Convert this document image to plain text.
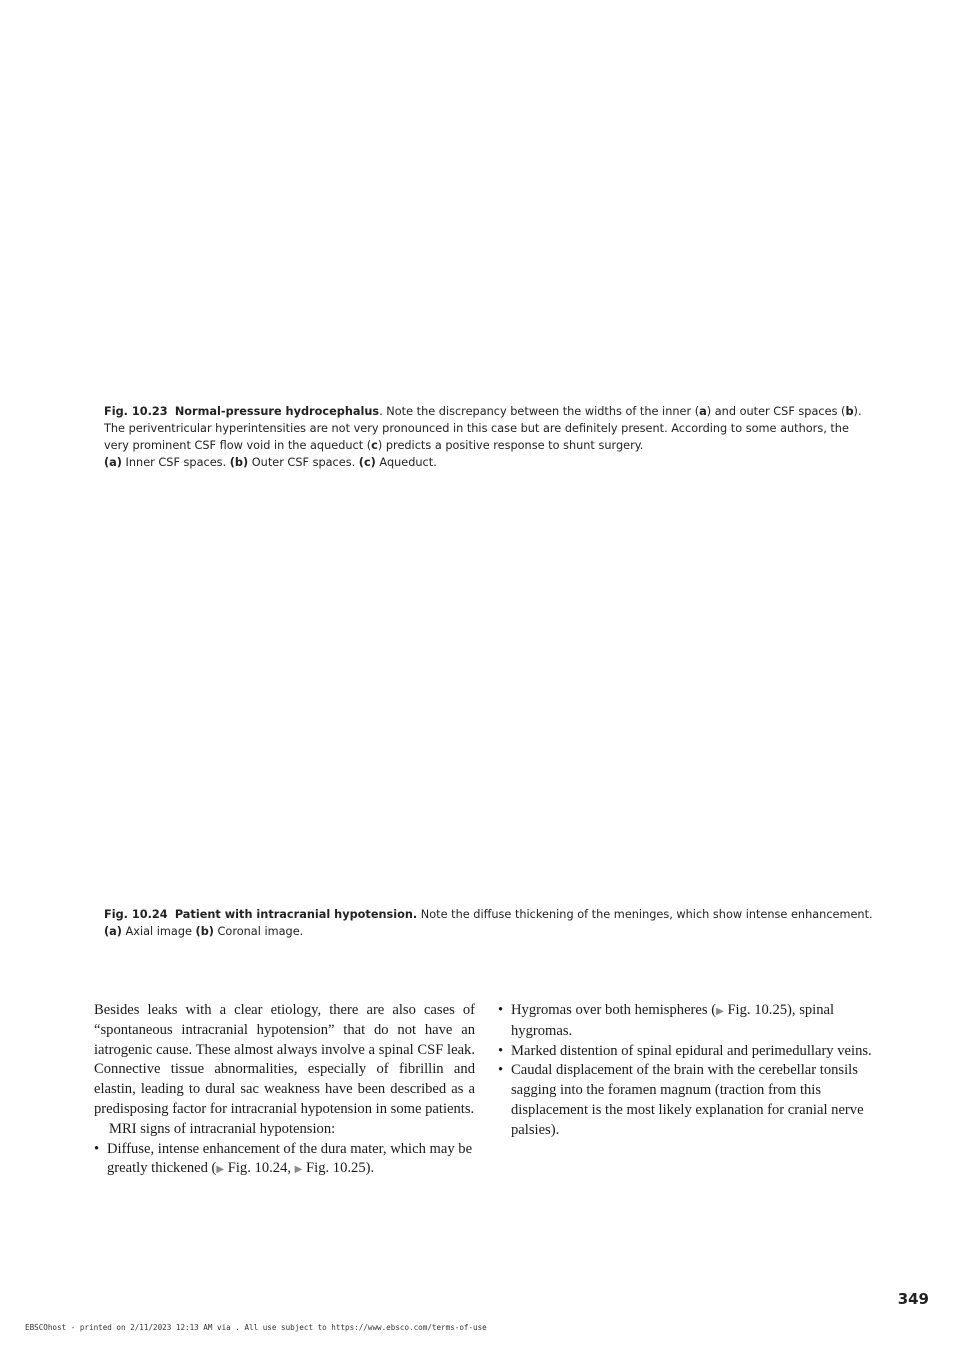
Fig. 10.23 Normal-pressure hydrocephalus. Note the discrepancy between the widths of the inner (a) and outer CSF spaces (b). The periventricular hyperintensities are not very pronounced in this case but are definitely present. According to some authors, the very prominent CSF flow void in the aqueduct (c) predicts a positive response to shunt surgery.

(a) Inner CSF spaces. (b) Outer CSF spaces. (c) Aqueduct.

Fig. 10.24 Patient with intracranial hypotension. Note the diffuse thickening of the meninges, which show intense enhancement.

(a) Axial image (b) Coronal image.

Besides leaks with a clear etiology, there are also cases of “spontaneous intracranial hypotension” that do not have an iatrogenic cause. These almost always involve a spinal CSF leak. Connective tissue abnormalities, especially of fibrillin and elastin, leading to dural sac weakness have been described as a predisposing factor for intracranial hypotension in some patients.

MRI signs of intracranial hypotension:

• Diffuse, intense enhancement of the dura mater, which may be greatly thickened (▶ Fig. 10.24, ▶ Fig. 10.25).
• Hygromas over both hemispheres (▶ Fig. 10.25), spinal hygromas.
• Marked distention of spinal epidural and perimedullary veins.
• Caudal displacement of the brain with the cerebellar tonsils sagging into the foramen magnum (traction from this displacement is the most likely explanation for cranial nerve palsies).
349
EBSCOhost - printed on 2/11/2023 12:13 AM via . All use subject to https://www.ebsco.com/terms-of-use
